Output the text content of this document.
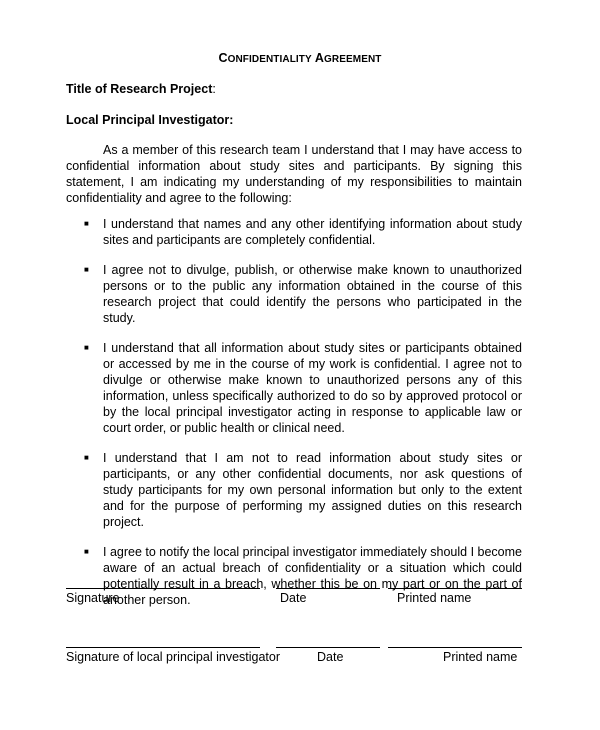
CONFIDENTIALITY AGREEMENT
Title of Research Project:
Local Principal Investigator:
As a member of this research team I understand that I may have access to confidential information about study sites and participants. By signing this statement, I am indicating my understanding of my responsibilities to maintain confidentiality and agree to the following:
■	I understand that names and any other identifying information about study sites and participants are completely confidential.
■	I agree not to divulge, publish, or otherwise make known to unauthorized persons or to the public any information obtained in the course of this research project that could identify the persons who participated in the study.
■	I understand that all information about study sites or participants obtained or accessed by me in the course of my work is confidential. I agree not to divulge or otherwise make known to unauthorized persons any of this information, unless specifically authorized to do so by approved protocol or by the local principal investigator acting in response to applicable law or court order, or public health or clinical need.
■	I understand that I am not to read information about study sites or participants, or any other confidential documents, nor ask questions of study participants for my own personal information but only to the extent and for the purpose of performing my assigned duties on this research project.
■	I agree to notify the local principal investigator immediately should I become aware of an actual breach of confidentiality or a situation which could potentially result in a breach, whether this be on my part or on the part of another person.
Signature	Date	Printed name
Signature of local principal investigator	Date	Printed name
